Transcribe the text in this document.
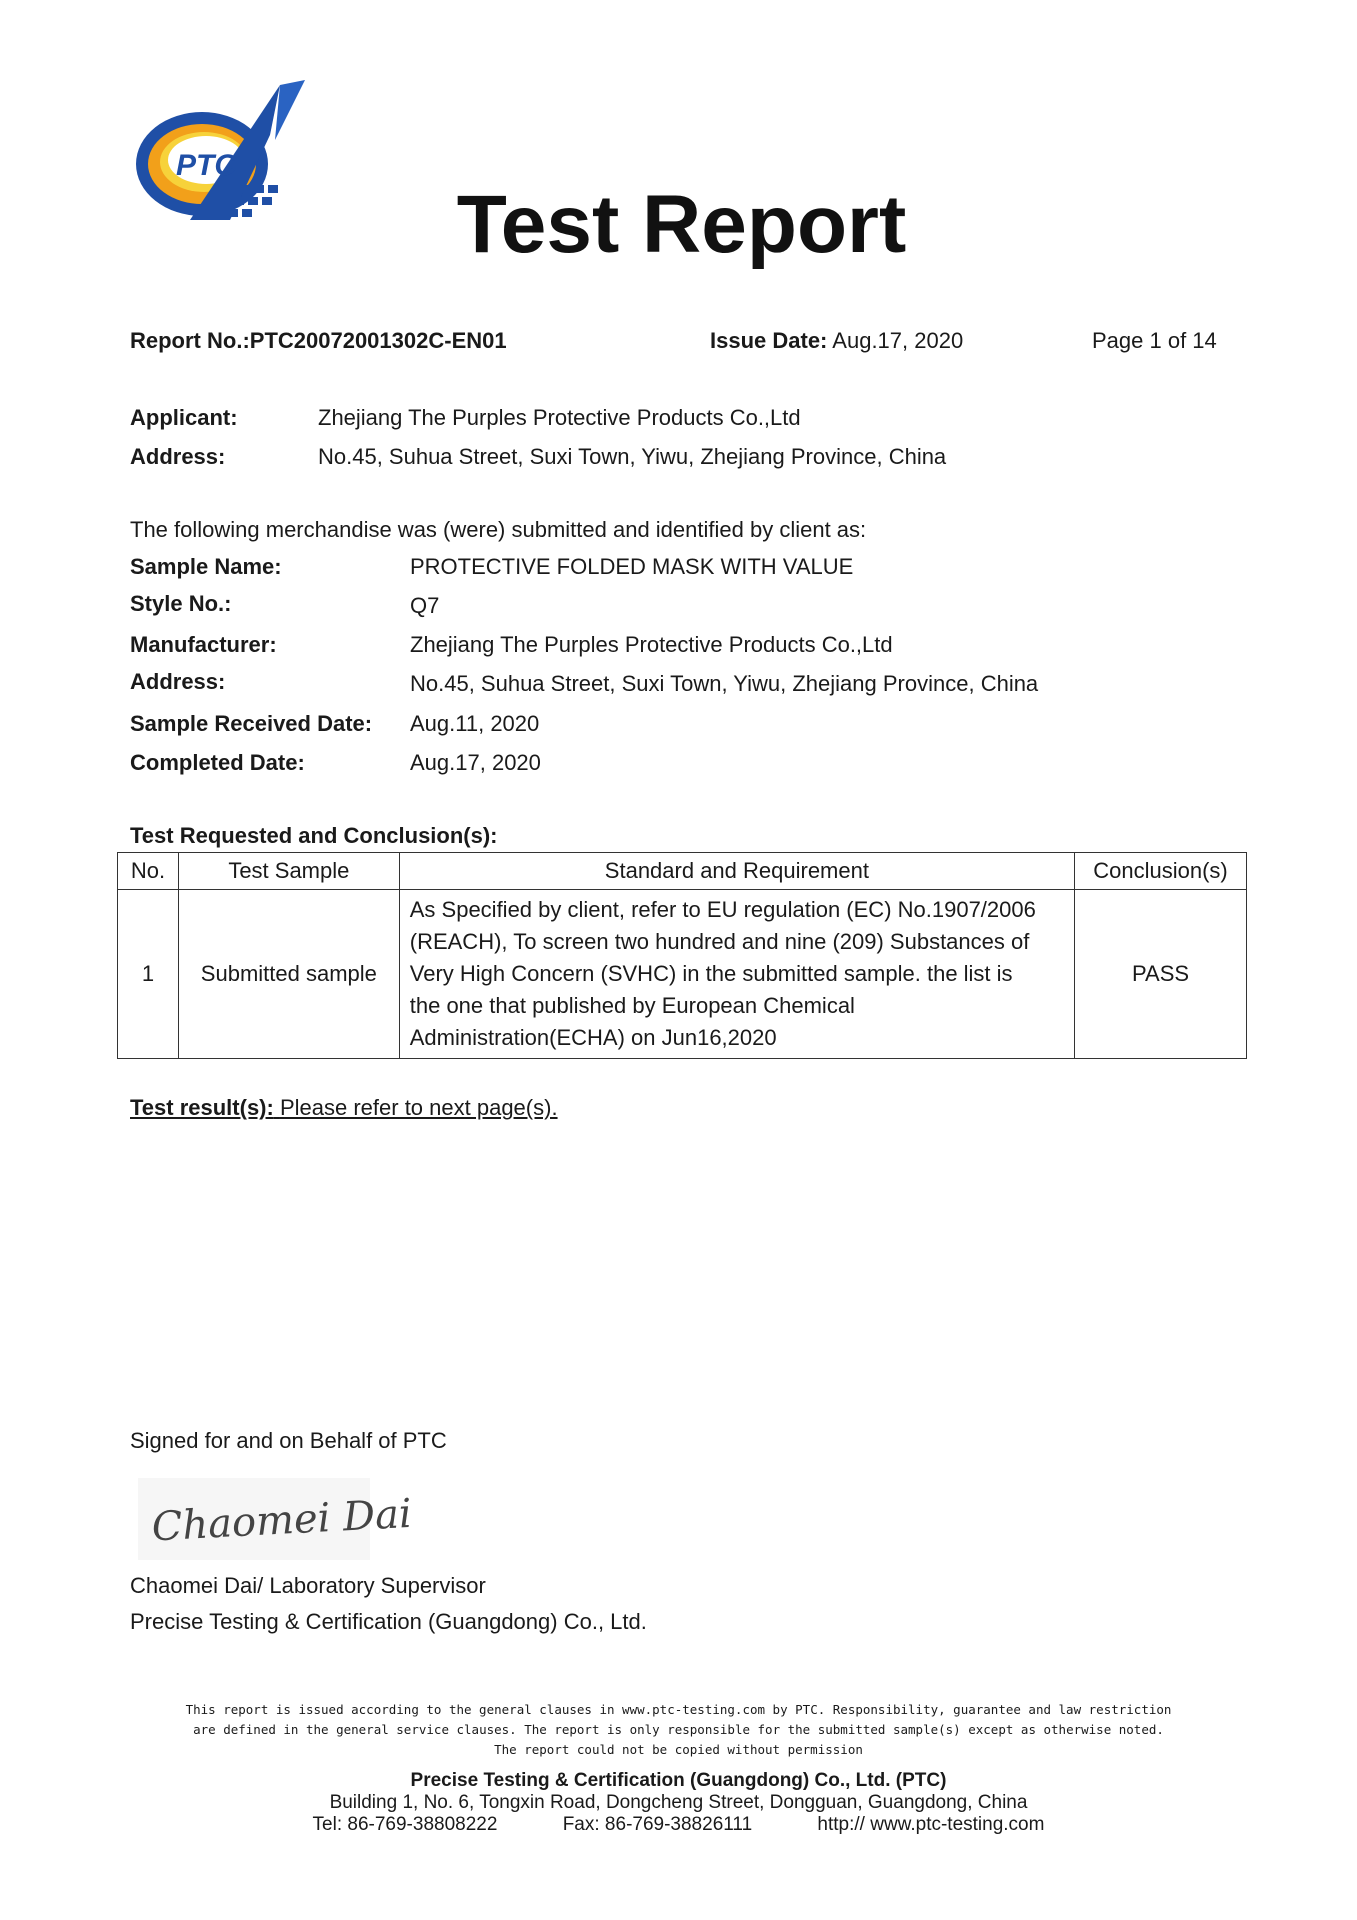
PTC
Test Report
Report No.:PTC20072001302C-EN01	Issue Date: Aug.17, 2020	Page 1 of 14
Applicant:	Zhejiang The Purples Protective Products Co.,Ltd
Address:	No.45, Suhua Street, Suxi Town, Yiwu, Zhejiang Province, China
The following merchandise was (were) submitted and identified by client as:
Sample Name:	PROTECTIVE FOLDED MASK WITH VALUE
Style No.:	Q7
Manufacturer:	Zhejiang The Purples Protective Products Co.,Ltd
Address:	No.45, Suhua Street, Suxi Town, Yiwu, Zhejiang Province, China
Sample Received Date: Aug.11, 2020
Completed Date:	Aug.17, 2020
Test Requested and Conclusion(s):
No.	Test Sample	Standard and Requirement	Conclusion(s)
1	Submitted sample	As Specified by client, refer to EU regulation (EC) No.1907/2006
(REACH), To screen two hundred and nine (209) Substances of
Very High Concern (SVHC) in the submitted sample. the list is
the one that published by European Chemical
Administration(ECHA) on Jun16,2020	PASS
Test result(s): Please refer to next page(s).
Signed for and on Behalf of PTC
Chaomei Dai
Chaomei Dai/ Laboratory Supervisor
Precise Testing & Certification (Guangdong) Co., Ltd.
This report is issued according to the general clauses in www.ptc-testing.com by PTC. Responsibility, guarantee and law restriction
are defined in the general service clauses. The report is only responsible for the submitted sample(s) except as otherwise noted.
The report could not be copied without permission
Precise Testing & Certification (Guangdong) Co., Ltd. (PTC)
Building 1, No. 6, Tongxin Road, Dongcheng Street, Dongguan, Guangdong, China
Tel: 86-769-38808222	Fax: 86-769-38826111	http:// www.ptc-testing.com
